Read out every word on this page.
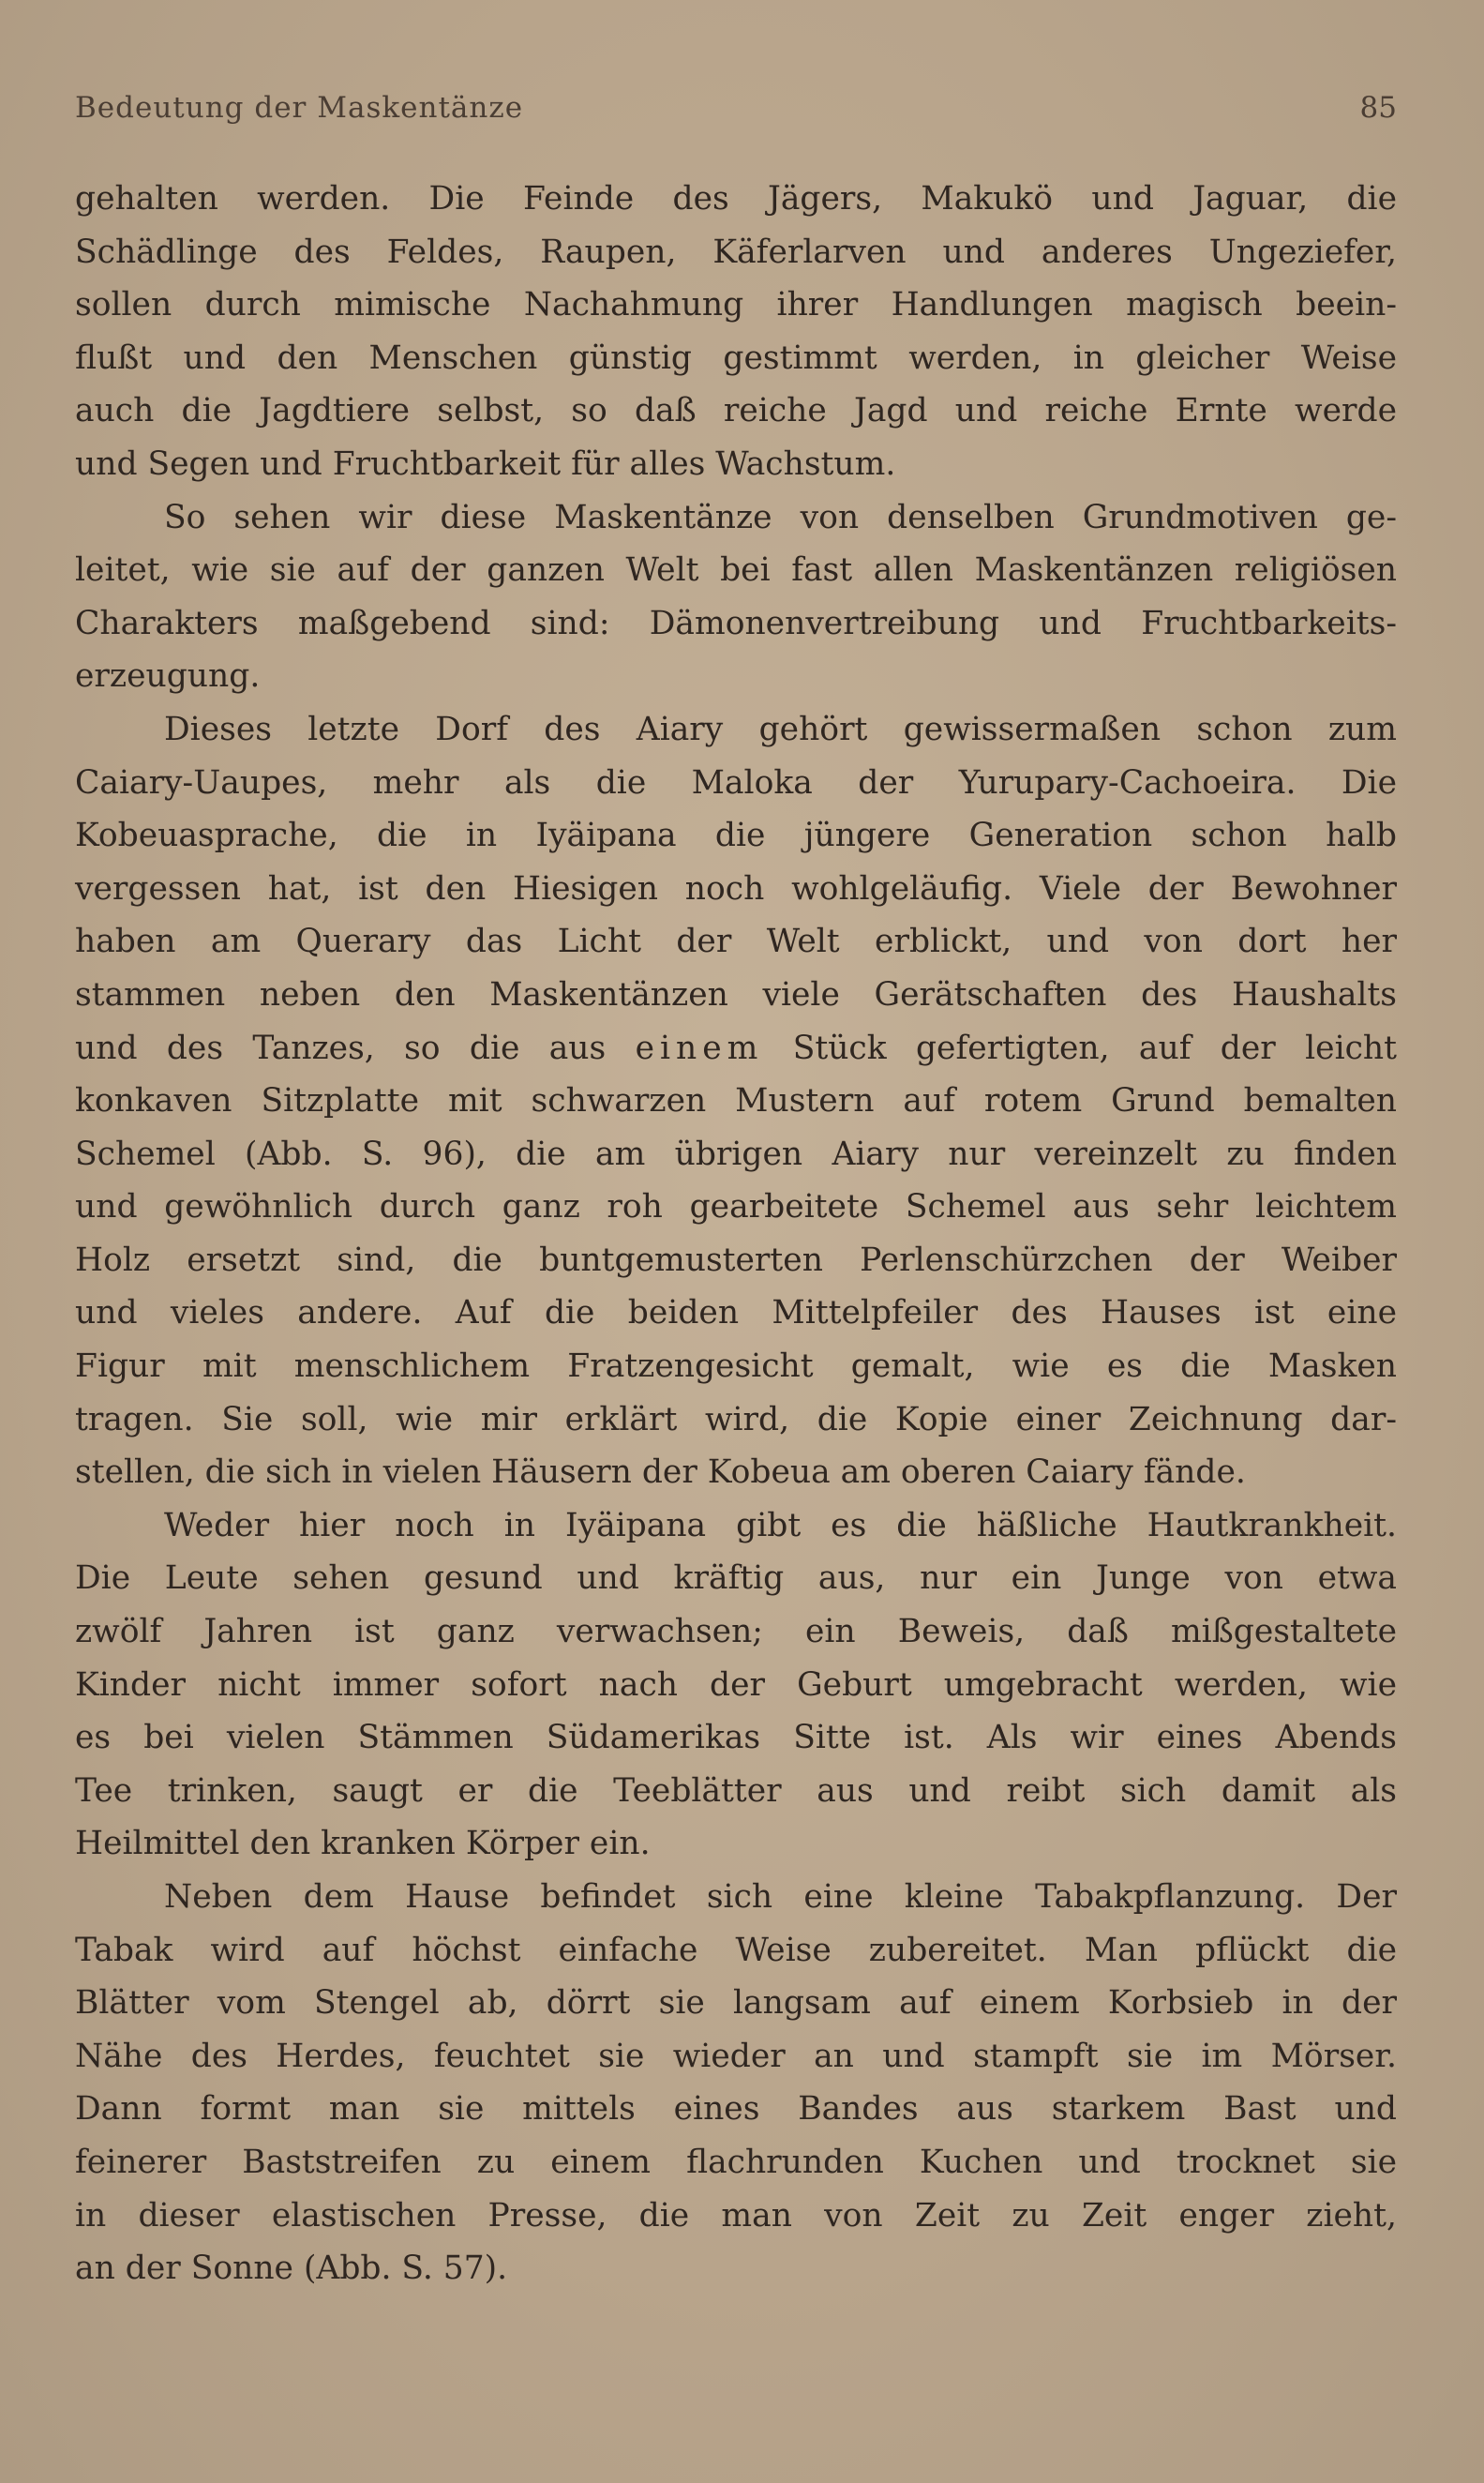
Bedeutung der Maskentänze	85
gehalten werden. Die Feinde des Jägers, Makukö und Jaguar, die
Schädlinge des Feldes, Raupen, Käferlarven und anderes Ungeziefer,
sollen durch mimische Nachahmung ihrer Handlungen magisch beein-
flußt und den Menschen günstig gestimmt werden, in gleicher Weise
auch die Jagdtiere selbst, so daß reiche Jagd und reiche Ernte werde
und Segen und Fruchtbarkeit für alles Wachstum.
So sehen wir diese Maskentänze von denselben Grundmotiven ge-
leitet, wie sie auf der ganzen Welt bei fast allen Maskentänzen religiösen
Charakters maßgebend sind: Dämonenvertreibung und Fruchtbarkeits-
erzeugung.
Dieses letzte Dorf des Aiary gehört gewissermaßen schon zum
Caiary-Uaupes, mehr als die Maloka der Yurupary-Cachoeira. Die
Kobeuasprache, die in Iyäipana die jüngere Generation schon halb
vergessen hat, ist den Hiesigen noch wohlgeläufig. Viele der Bewohner
haben am Querary das Licht der Welt erblickt, und von dort her
stammen neben den Maskentänzen viele Gerätschaften des Haushalts
und des Tanzes, so die aus einem Stück gefertigten, auf der leicht
konkaven Sitzplatte mit schwarzen Mustern auf rotem Grund bemalten
Schemel (Abb. S. 96), die am übrigen Aiary nur vereinzelt zu finden
und gewöhnlich durch ganz roh gearbeitete Schemel aus sehr leichtem
Holz ersetzt sind, die buntgemusterten Perlenschürzchen der Weiber
und vieles andere. Auf die beiden Mittelpfeiler des Hauses ist eine
Figur mit menschlichem Fratzengesicht gemalt, wie es die Masken
tragen. Sie soll, wie mir erklärt wird, die Kopie einer Zeichnung dar-
stellen, die sich in vielen Häusern der Kobeua am oberen Caiary fände.
Weder hier noch in Iyäipana gibt es die häßliche Hautkrankheit.
Die Leute sehen gesund und kräftig aus, nur ein Junge von etwa
zwölf Jahren ist ganz verwachsen; ein Beweis, daß mißgestaltete
Kinder nicht immer sofort nach der Geburt umgebracht werden, wie
es bei vielen Stämmen Südamerikas Sitte ist. Als wir eines Abends
Tee trinken, saugt er die Teeblätter aus und reibt sich damit als
Heilmittel den kranken Körper ein.
Neben dem Hause befindet sich eine kleine Tabakpflanzung. Der
Tabak wird auf höchst einfache Weise zubereitet. Man pflückt die
Blätter vom Stengel ab, dörrt sie langsam auf einem Korbsieb in der
Nähe des Herdes, feuchtet sie wieder an und stampft sie im Mörser.
Dann formt man sie mittels eines Bandes aus starkem Bast und
feinerer Baststreifen zu einem flachrunden Kuchen und trocknet sie
in dieser elastischen Presse, die man von Zeit zu Zeit enger zieht,
an der Sonne (Abb. S. 57).
